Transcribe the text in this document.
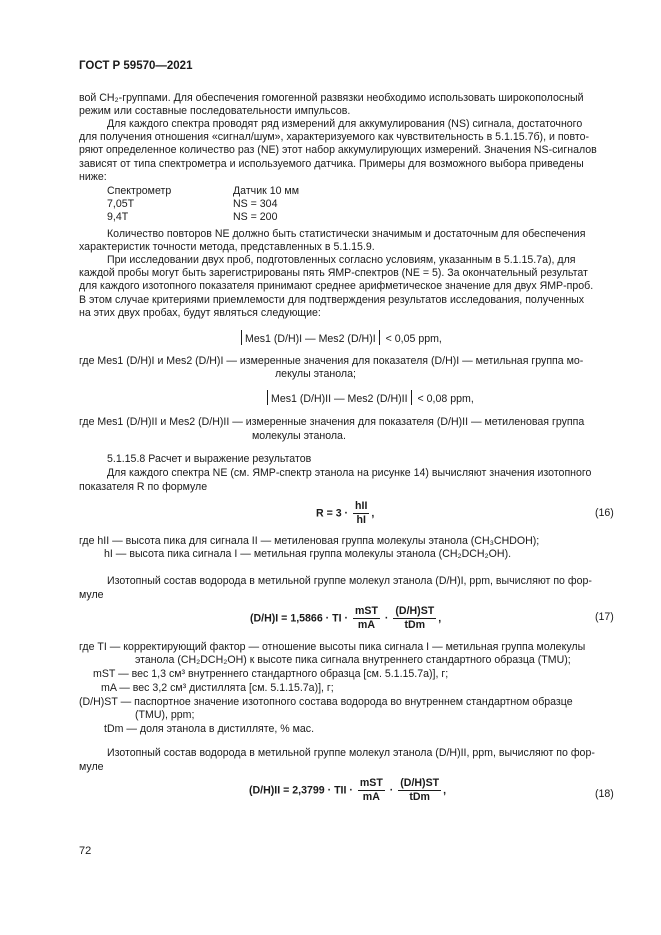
ГОСТ Р 59570—2021
вой CH₂-группами. Для обеспечения гомогенной развязки необходимо использовать широкополосный
режим или составные последовательности импульсов.
Для каждого спектра проводят ряд измерений для аккумулирования (NS) сигнала, достаточного
для получения отношения «сигнал/шум», характеризуемого как чувствительность в 5.1.15.7б), и повто-
ряют определенное количество раз (NE) этот набор аккумулирующих измерений. Значения NS-сигналов
зависят от типа спектрометра и используемого датчика. Примеры для возможного выбора приведены
ниже:
Спектрометр	Датчик 10 мм
7,05T	NS = 304
9,4T	NS = 200
Количество повторов NE должно быть статистически значимым и достаточным для обеспечения
характеристик точности метода, представленных в 5.1.15.9.
При исследовании двух проб, подготовленных согласно условиям, указанным в 5.1.15.7а), для
каждой пробы могут быть зарегистрированы пять ЯМР-спектров (NE = 5). За окончательный результат
для каждого изотопного показателя принимают среднее арифметическое значение для двух ЯМР-проб.
В этом случае критериями приемлемости для подтверждения результатов исследования, полученных
на этих двух пробах, будут являться следующие:
Mes1 (D/H)I — Mes2 (D/H)I < 0,05 ppm,
где Mes1 (D/H)I и Mes2 (D/H)I — измеренные значения для показателя (D/H)I — метильная группа мо-
лекулы этанола;
Mes1 (D/H)II — Mes2 (D/H)II < 0,08 ppm,
где Mes1 (D/H)II и Mes2 (D/H)II — измеренные значения для показателя (D/H)II — метиленовая группа
молекулы этанола.
5.1.15.8 Расчет и выражение результатов
Для каждого спектра NE (см. ЯМР-спектр этанола на рисунке 14) вычисляют значения изотопного
показателя R по формуле
$R = 3 \cdot \frac{\text{hII}}{hI}$ ,	(16)
где hII — высота пика для сигнала II — метиленовая группа молекулы этанола (CH₃CHDOH);
hI — высота пика сигнала I — метильная группа молекулы этанола (CH₂DCH₂OH).
Изотопный состав водорода в метильной группе молекул этанола (D/H)I, ppm, вычисляют по фор-
муле
(D/H)I = 1,5866 · TI · $\frac{\text{mST}}{mA} \cdot \frac{(D/H)ST}{\text{tDm}}$ ,	(17)
где TI — корректирующий фактор — отношение высоты пика сигнала I — метильная группа молекулы
этанола (CH₂DCH₂OH) к высоте пика сигнала внутреннего стандартного образца (TMU);
mST — вес 1,3 см³ внутреннего стандартного образца [см. 5.1.15.7а)], г;
mA — вес 3,2 см³ дистиллята [см. 5.1.15.7а)], г;
(D/H)ST — паспортное значение изотопного состава водорода во внутреннем стандартном образце
(TMU), ppm;
tDm — доля этанола в дистилляте, % мас.
Изотопный состав водорода в метильной группе молекул этанола (D/H)II, ppm, вычисляют по фор-
муле
(D/H)II = 2,3799 · TII · $\frac{\text{mST}}{mA} \cdot \frac{(D/H)ST}{\text{tDm}}$ ,	(18)
72
